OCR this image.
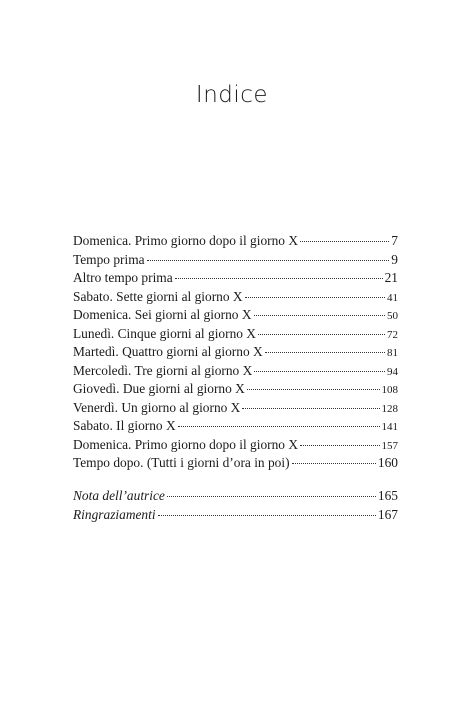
Indice
Domenica. Primo giorno dopo il giorno X	7
Tempo prima	9
Altro tempo prima	21
Sabato. Sette giorni al giorno X	41
Domenica. Sei giorni al giorno X	50
Lunedì. Cinque giorni al giorno X	72
Martedì. Quattro giorni al giorno X	81
Mercoledì. Tre giorni al giorno X	94
Giovedì. Due giorni al giorno X	108
Venerdì. Un giorno al giorno X	128
Sabato. Il giorno X	141
Domenica. Primo giorno dopo il giorno X	157
Tempo dopo. (Tutti i giorni d’ora in poi)	160
Nota dell’autrice	165
Ringraziamenti	167
